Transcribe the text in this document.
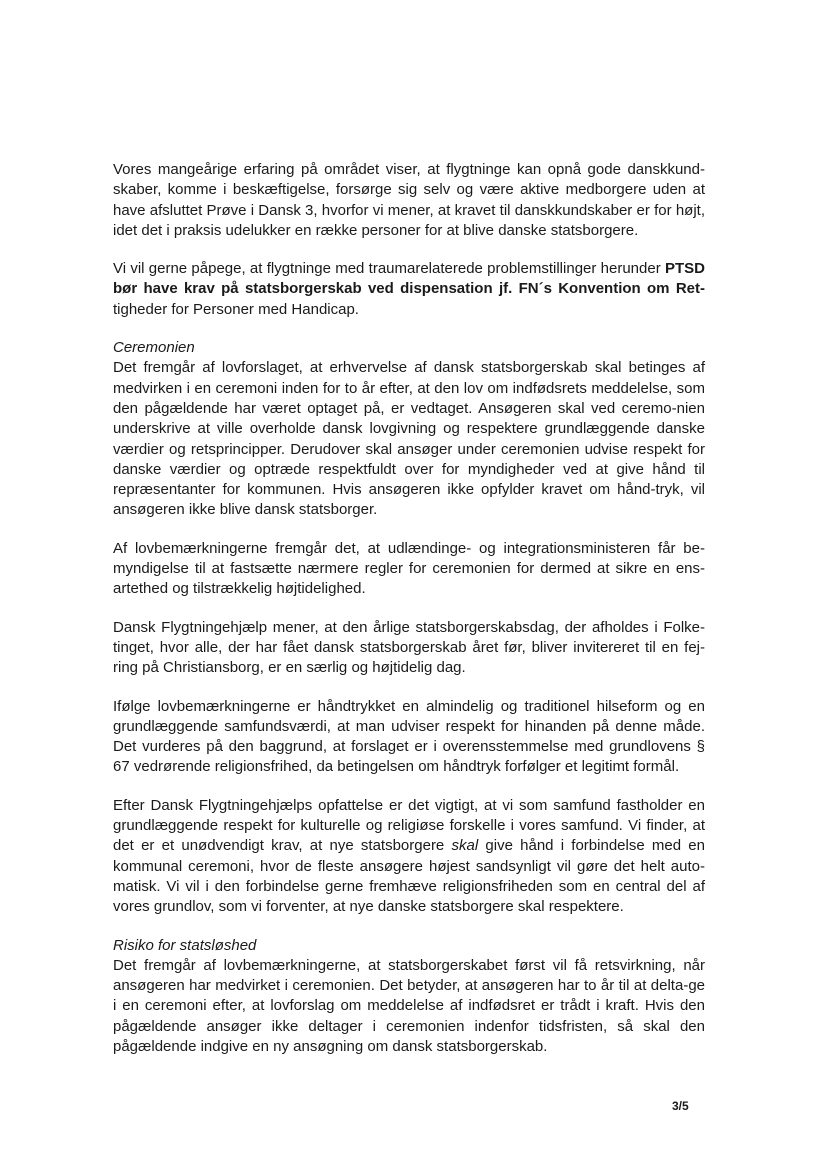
Vores mangeårige erfaring på området viser, at flygtninge kan opnå gode danskkund-skaber, komme i beskæftigelse, forsørge sig selv og være aktive medborgere uden at have afsluttet Prøve i Dansk 3, hvorfor vi mener, at kravet til danskkundskaber er for højt, idet det i praksis udelukker en række personer for at blive danske statsborgere.

Vi vil gerne påpege, at flygtninge med traumarelaterede problemstillinger herunder PTSD bør have krav på statsborgerskab ved dispensation jf. FN´s Konvention om Ret-tigheder for Personer med Handicap.

Ceremonien

Det fremgår af lovforslaget, at erhvervelse af dansk statsborgerskab skal betinges af medvirken i en ceremoni inden for to år efter, at den lov om indfødsrets meddelelse, som den pågældende har været optaget på, er vedtaget. Ansøgeren skal ved ceremo-nien underskrive at ville overholde dansk lovgivning og respektere grundlæggende danske værdier og retsprincipper. Derudover skal ansøger under ceremonien udvise respekt for danske værdier og optræde respektfuldt over for myndigheder ved at give hånd til repræsentanter for kommunen. Hvis ansøgeren ikke opfylder kravet om hånd-tryk, vil ansøgeren ikke blive dansk statsborger.

Af lovbemærkningerne fremgår det, at udlændinge- og integrationsministeren får be-myndigelse til at fastsætte nærmere regler for ceremonien for dermed at sikre en ens-artethed og tilstrækkelig højtidelighed.

Dansk Flygtningehjælp mener, at den årlige statsborgerskabsdag, der afholdes i Folke-tinget, hvor alle, der har fået dansk statsborgerskab året før, bliver invitereret til en fej-ring på Christiansborg, er en særlig og højtidelig dag.

Ifølge lovbemærkningerne er håndtrykket en almindelig og traditionel hilseform og en grundlæggende samfundsværdi, at man udviser respekt for hinanden på denne måde. Det vurderes på den baggrund, at forslaget er i overensstemmelse med grundlovens § 67 vedrørende religionsfrihed, da betingelsen om håndtryk forfølger et legitimt formål.

Efter Dansk Flygtningehjælps opfattelse er det vigtigt, at vi som samfund fastholder en grundlæggende respekt for kulturelle og religiøse forskelle i vores samfund. Vi finder, at det er et unødvendigt krav, at nye statsborgere skal give hånd i forbindelse med en kommunal ceremoni, hvor de fleste ansøgere højest sandsynligt vil gøre det helt auto-matisk. Vi vil i den forbindelse gerne fremhæve religionsfriheden som en central del af vores grundlov, som vi forventer, at nye danske statsborgere skal respektere.

Risiko for statsløshed

Det fremgår af lovbemærkningerne, at statsborgerskabet først vil få retsvirkning, når ansøgeren har medvirket i ceremonien. Det betyder, at ansøgeren har to år til at delta-ge i en ceremoni efter, at lovforslag om meddelelse af indfødsret er trådt i kraft. Hvis den pågældende ansøger ikke deltager i ceremonien indenfor tidsfristen, så skal den pågældende indgive en ny ansøgning om dansk statsborgerskab.

3/5
